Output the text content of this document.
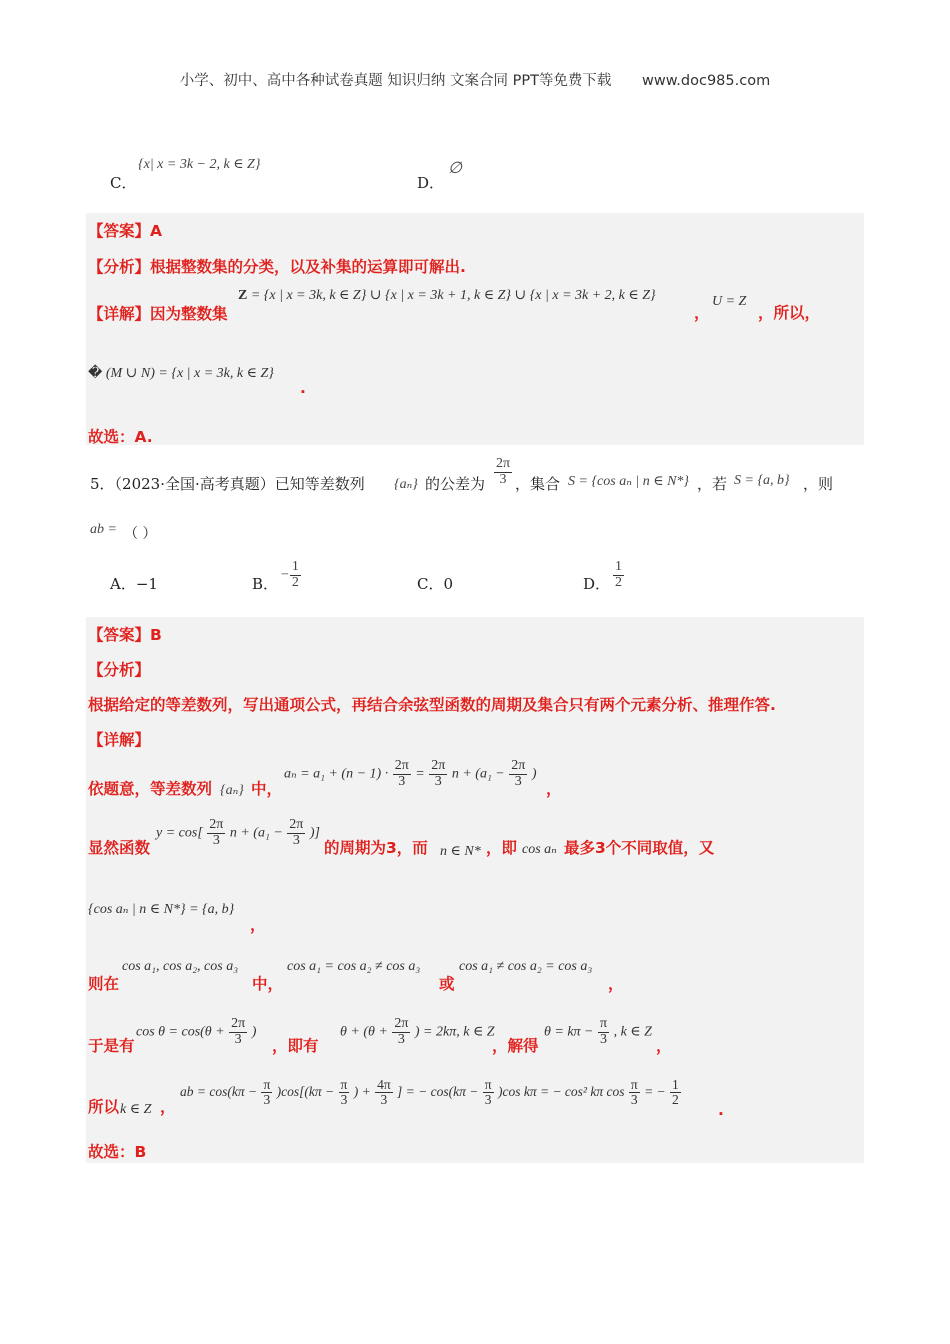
小学、初中、高中各种试卷真题 知识归纳 文案合同 PPT等免费下载 www.doc985.com
C．
{x| x = 3k − 2, k ∈ Z}
D．
∅
【答案】A
【分析】根据整数集的分类，以及补集的运算即可解出.
【详解】因为整数集
Z = {x | x = 3k, k ∈ Z} ∪ {x | x = 3k + 1, k ∈ Z} ∪ {x | x = 3k + 2, k ∈ Z}
，
U = Z
，所以，
� (M ∪ N) = {x | x = 3k, k ∈ Z}
.
故选：A.
5．（2023·全国·高考真题）已知等差数列 {aₙ} 的公差为 $\frac{2\pi}{3}$ ，集合 S = {cos aₙ | n ∈ N*} ，若 S = {a, b} ，则
ab = （ ）
A．−1	B．
− $\frac{1}{2}$	C．0	D． $\frac{1}{2}$
【答案】B
【分析】
根据给定的等差数列，写出通项公式，再结合余弦型函数的周期及集合只有两个元素分析、推理作答.
【详解】
依题意，等差数列 {aₙ} 中，
$a_n = a_1 + (n - 1) \cdot \frac{2\pi}{3} = \frac{2\pi}{3}$ $n + (a_1 - \frac{2\pi}{3}$ )
，
显然函数
$y = \cos[ \frac{2\pi}{3}$ $n + (a_1 - \frac{2\pi}{3}$ )]
的周期为3，而 n ∈ N* ，即 cos aₙ 最多3个不同取值，又
{cos aₙ | n ∈ N*} = {a, b}
，
则在
cos a₁, cos a₂, cos a₃
中，
cos a₁ = cos a₂ ≠ cos a₃
或
cos a₁ ≠ cos a₂ = cos a₃
，
于是有
$\cos \theta = \cos(\theta + \frac{2\pi}{3}$ )
，即有
$\theta + (\theta + \frac{2\pi}{3}$ ) = 2kπ, k ∈ Z
，解得
$\theta = k\pi - \frac{\pi}{3}$ , k ∈ Z
，
所以 k ∈ Z ，
ab = $\cos(k\pi - \frac{\pi}{3} )\cos[(k\pi - \frac{\pi}{3}$ ) + $\frac{4\pi}{3}$ ] = − $\cos(k\pi - \frac{\pi}{3} )\cos$ kπ = − cos² kπ $\cos \frac{\pi}{3}$ = − $\frac{1}{2}$
.
故选：B
